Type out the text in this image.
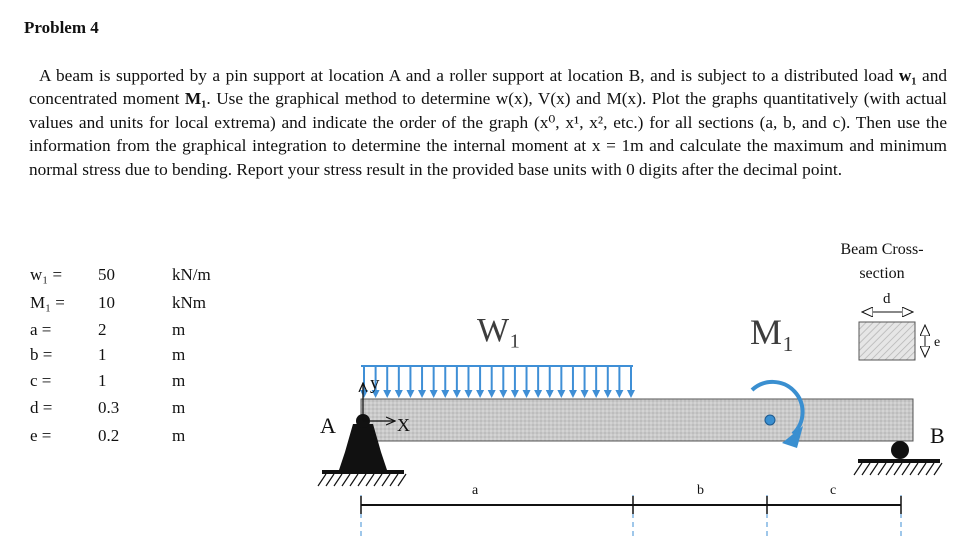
Problem 4
A beam is supported by a pin support at location A and a roller support at location B, and is subject to a distributed load w₁ and concentrated moment M₁. Use the graphical method to determine w(x), V(x) and M(x). Plot the graphs quantitatively (with actual values and units for local extrema) and indicate the order of the graph (x⁰, x¹, x², etc.) for all sections (a, b, and c). Then use the information from the graphical integration to determine the internal moment at x = 1m and calculate the maximum and minimum normal stress due to bending. Report your stress result in the provided base units with 0 digits after the decimal point.
w₁ = 50	kN/m
M₁ = 10	kNm
a =	2	m
b =	1	m
c =	1	m
d =	0.3	m
e =	0.2	m
Beam Cross-section
X
y
A	B
W₁	M₁
a	b	c
d
e
